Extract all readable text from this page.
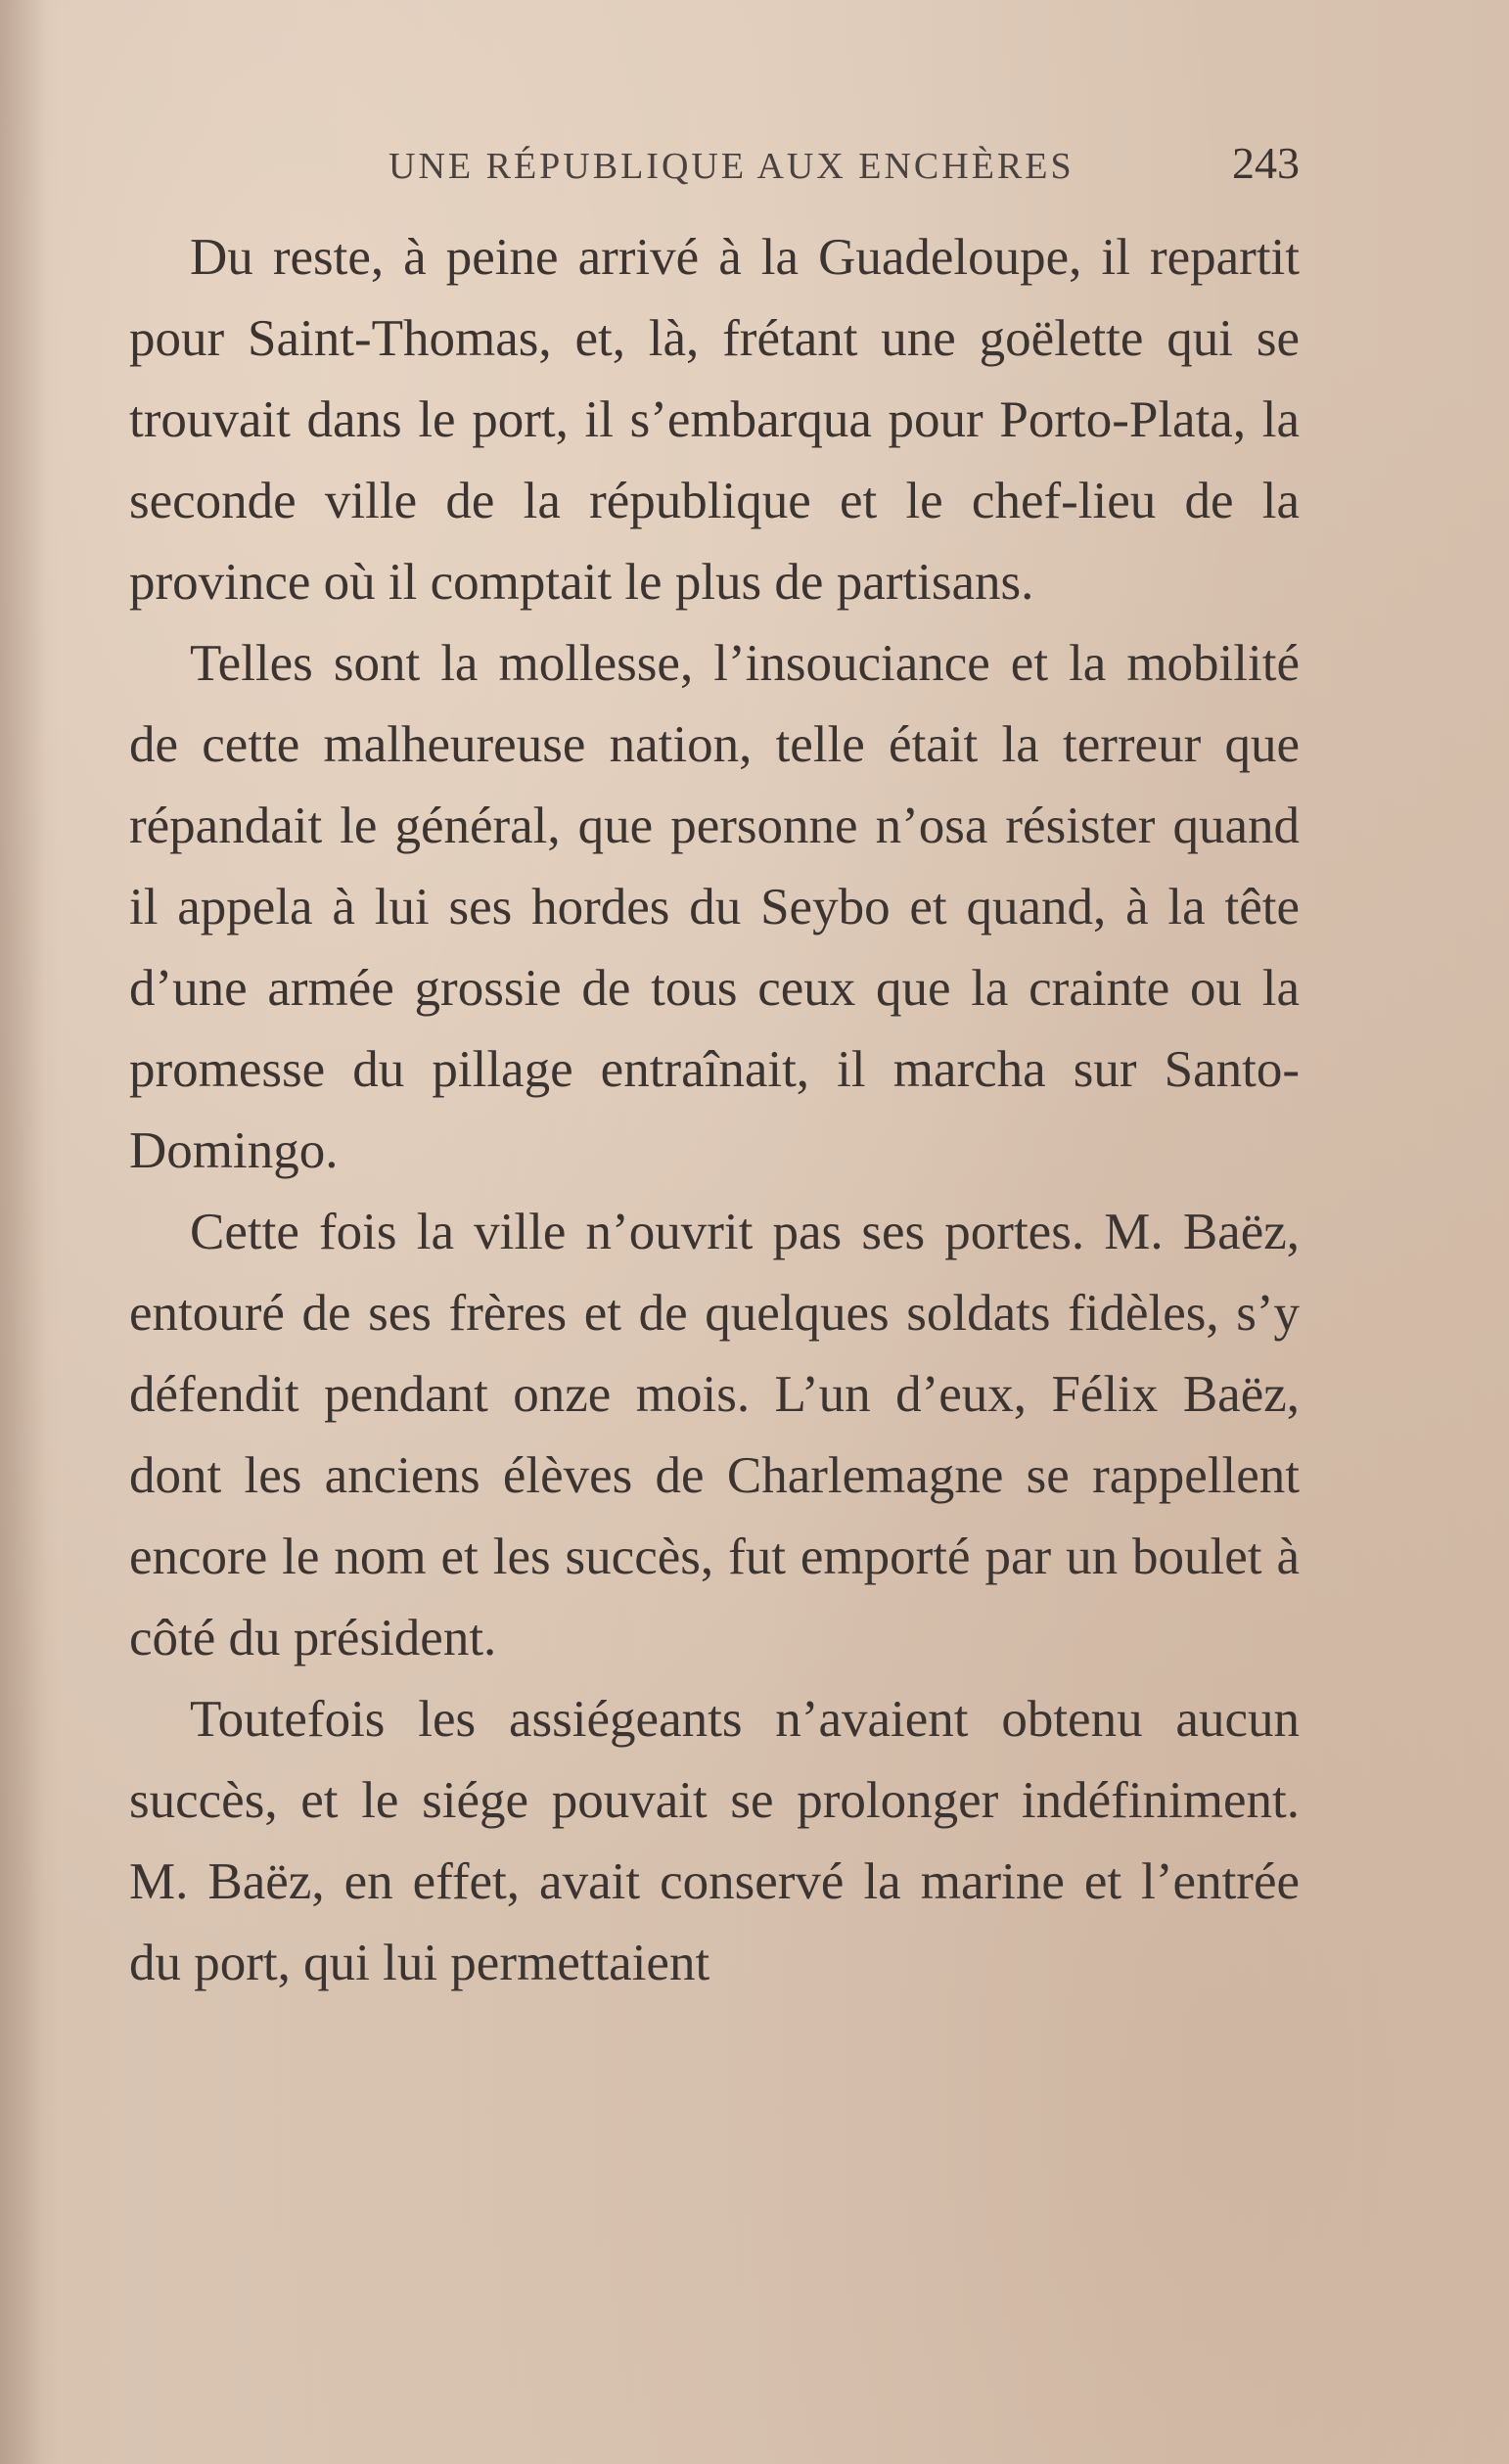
UNE RÉPUBLIQUE AUX ENCHÈRES	243

Du reste, à peine arrivé à la Guadeloupe, il repartit pour Saint-Thomas, et, là, frétant une goëlette qui se trouvait dans le port, il s’embarqua pour Porto-Plata, la seconde ville de la république et le chef-lieu de la province où il comptait le plus de partisans.

Telles sont la mollesse, l’insouciance et la mobilité de cette malheureuse nation, telle était la terreur que répandait le général, que personne n’osa résister quand il appela à lui ses hordes du Seybo et quand, à la tête d’une armée grossie de tous ceux que la crainte ou la promesse du pillage entraînait, il marcha sur Santo-Domingo.

Cette fois la ville n’ouvrit pas ses portes. M. Baëz, entouré de ses frères et de quelques soldats fidèles, s’y défendit pendant onze mois. L’un d’eux, Félix Baëz, dont les anciens élèves de Charlemagne se rappellent encore le nom et les succès, fut emporté par un boulet à côté du président.

Toutefois les assiégeants n’avaient obtenu aucun succès, et le siége pouvait se prolonger indéfiniment. M. Baëz, en effet, avait conservé la marine et l’entrée du port, qui lui permettaient
